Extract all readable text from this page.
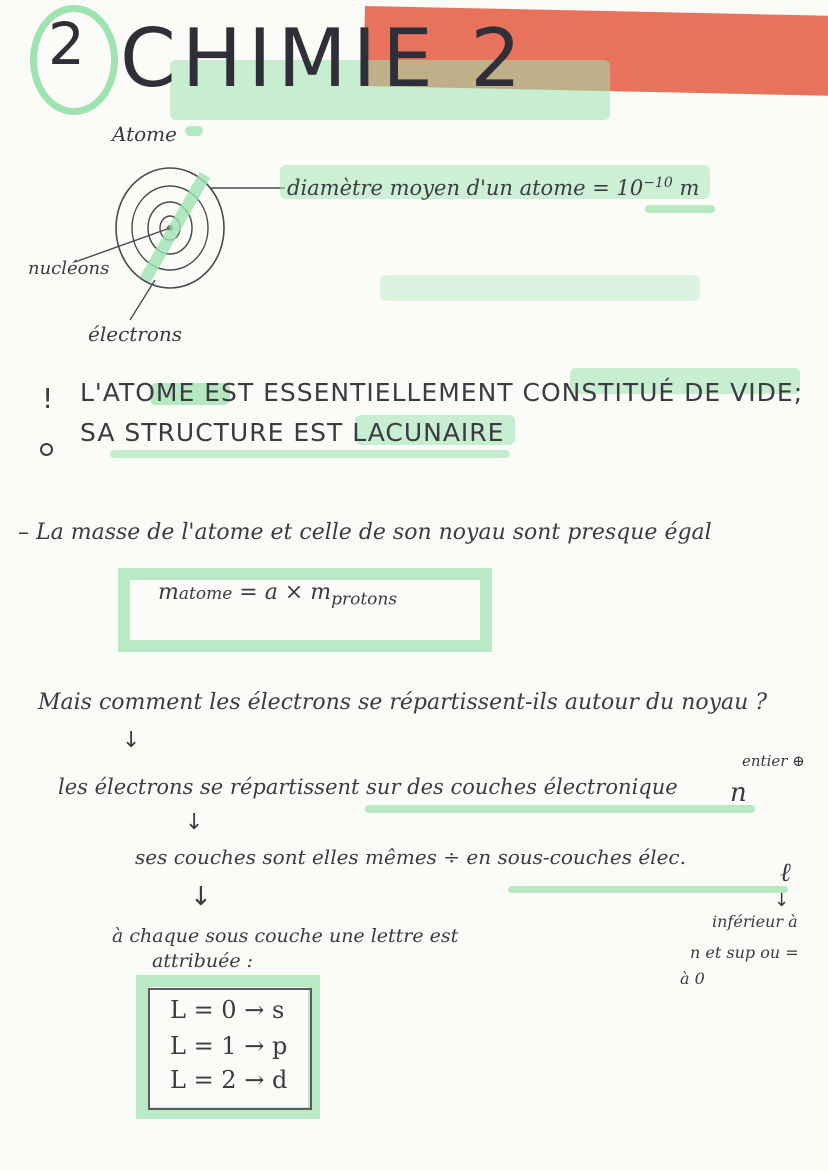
2 CHIMIE 2
Atome
nucléons
électrons
diamètre moyen d'un atome = $10^{-10}$ m
! L'ATOME EST ESSENTIELLEMENT CONSTITUÉ DE VIDE;
SA STRUCTURE EST LACUNAIRE
– La masse de l'atome et celle de son noyau sont presque égal
matome = $a \times m_{protons}$
Mais comment les électrons se répartissent-ils autour du noyau ?
↓
entier ⊕
les électrons se répartissent sur des couches électronique n
↓
ses couches sont elles mêmes ÷ en sous-couches élec.
ℓ
↓	↓
inférieur à
n et sup ou =
à 0
à chaque sous couche une lettre est
attribuée :
L = 0 → s
L = 1 → p
L = 2 → d
